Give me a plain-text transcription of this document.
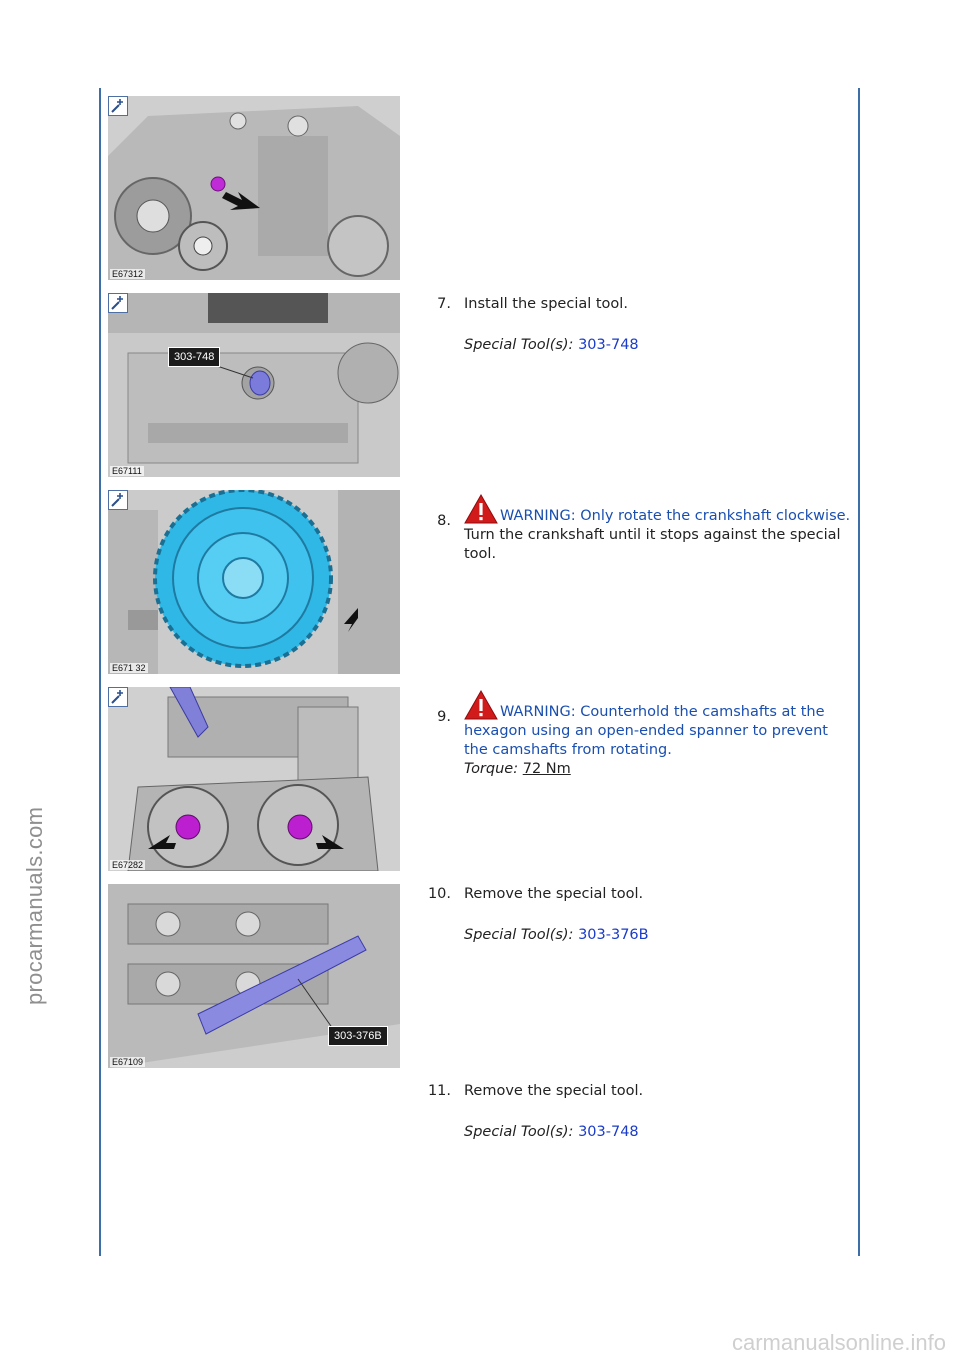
procarmanuals.com
carmanualsonline.info
E67312
303-748
E67111
E671 32
E67282
303-376B
E67109
7. Install the special tool.

Special Tool(s): 303-748

8.	WARNING: Only rotate the crankshaft clockwise.

Turn the crankshaft until it stops against the special tool.

9.	WARNING: Counterhold the camshafts at the hexagon using an open-ended spanner to prevent the camshafts from rotating.

Torque: 72 Nm

10. Remove the special tool.

Special Tool(s): 303-376B

11. Remove the special tool.

Special Tool(s): 303-748
